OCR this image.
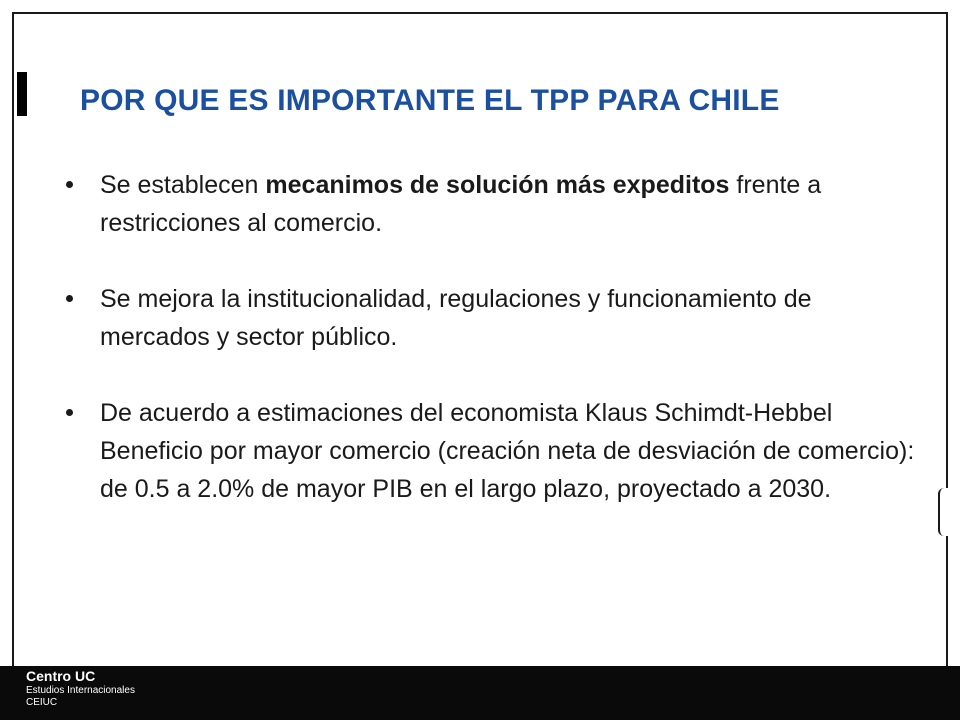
POR QUE ES IMPORTANTE EL TPP PARA CHILE
Se establecen mecanimos de solución más expeditos frente a restricciones al comercio.
Se mejora la institucionalidad, regulaciones y funcionamiento de mercados y sector público.
De acuerdo a estimaciones del economista Klaus Schimdt-Hebbel Beneficio por mayor comercio (creación neta de desviación de comercio): de 0.5 a 2.0% de mayor PIB en el largo plazo, proyectado a 2030.
Centro UC
Estudios Internacionales
CEIUC
